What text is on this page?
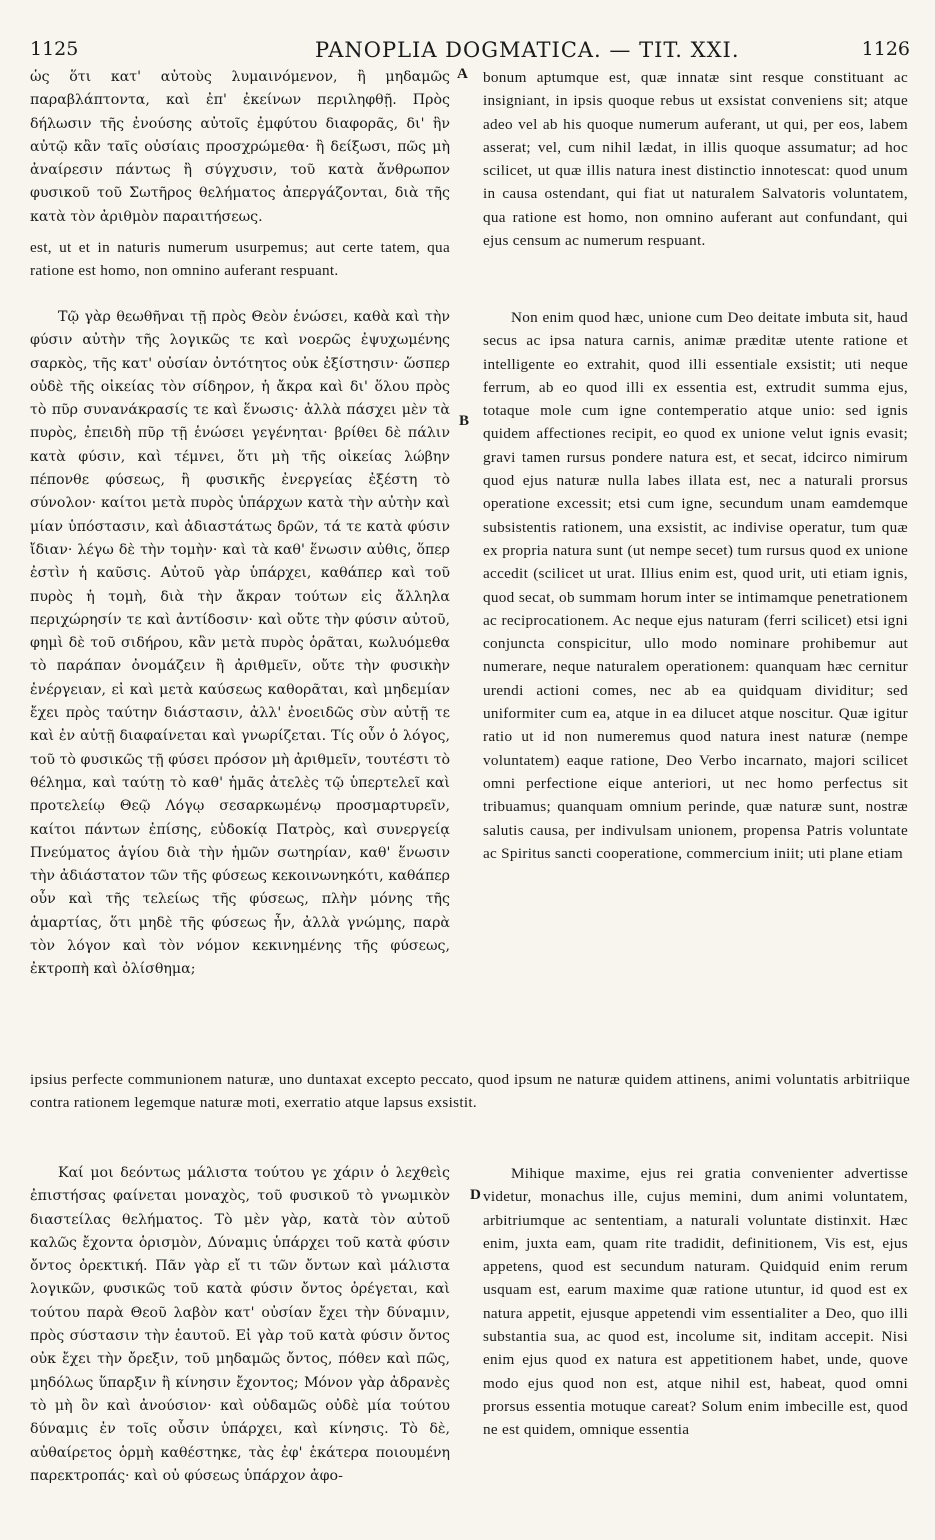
1125	PANOPLIA DOGMATICA. — TIT. XXI.	1126
A
B
D

ὡς ὅτι κατ' αὐτοὺς λυμαινόμενον, ἢ μηδαμῶς παραβλάπτοντα, καὶ ἐπ' ἐκείνων περιληφθῇ. Πρὸς δήλωσιν τῆς ἐνούσης αὐτοῖς ἐμφύτου διαφορᾶς, δι' ἣν αὐτῷ κἂν ταῖς οὐσίαις προσχρώμεθα· ἢ δείξωσι, πῶς μὴ ἀναίρεσιν πάντως ἢ σύγχυσιν, τοῦ κατὰ ἄνθρωπον φυσικοῦ τοῦ Σωτῆρος θελήματος ἀπεργάζονται, διὰ τῆς κατὰ τὸν ἀριθμὸν παραιτήσεως.

bonum aptumque est, quæ innatæ sint resque constituant ac insigniant, in ipsis quoque rebus ut exsistat conveniens sit; atque adeo vel ab his quoque numerum auferant, ut qui, per eos, labem asserat; vel, cum nihil lædat, in illis quoque assumatur; ad hoc scilicet, ut quæ illis natura inest distinctio innotescat: quod unum in causa ostendant, qui fiat ut naturalem Salvatoris voluntatem, qua ratione est homo, non omnino auferant aut confundant, qui ejus censum ac numerum respuant.

est, ut et in naturis numerum usurpemus; aut certe tatem, qua ratione est homo, non omnino auferant respuant.

Τῷ γὰρ θεωθῆναι τῇ πρὸς Θεὸν ἑνώσει, καθὰ καὶ τὴν φύσιν αὐτὴν τῆς λογικῶς τε καὶ νοερῶς ἐψυχωμένης σαρκὸς, τῆς κατ' οὐσίαν ὀντότητος οὐκ ἐξίστησιν· ὥσπερ οὐδὲ τῆς οἰκείας τὸν σίδηρον, ἡ ἄκρα καὶ δι' ὅλου πρὸς τὸ πῦρ συνανάκρασίς τε καὶ ἕνωσις· ἀλλὰ πάσχει μὲν τὰ πυρὸς, ἐπειδὴ πῦρ τῇ ἑνώσει γεγένηται· βρίθει δὲ πάλιν κατὰ φύσιν, καὶ τέμνει, ὅτι μὴ τῆς οἰκείας λώβην πέπονθε φύσεως, ἢ φυσικῆς ἐνεργείας ἐξέστη τὸ σύνολον· καίτοι μετὰ πυρὸς ὑπάρχων κατὰ τὴν αὐτὴν καὶ μίαν ὑπόστασιν, καὶ ἀδιαστάτως δρῶν, τά τε κατὰ φύσιν ἴδιαν· λέγω δὲ τὴν τομὴν· καὶ τὰ καθ' ἕνωσιν αὐθις, ὅπερ ἐστὶν ἡ καῦσις. Αὐτοῦ γὰρ ὑπάρχει, καθάπερ καὶ τοῦ πυρὸς ἡ τομὴ, διὰ τὴν ἄκραν τούτων εἰς ἄλληλα περιχώρησίν τε καὶ ἀντίδοσιν· καὶ οὔτε τὴν φύσιν αὐτοῦ, φημὶ δὲ τοῦ σιδήρου, κἂν μετὰ πυρὸς ὁρᾶται, κωλυόμεθα τὸ παράπαν ὀνομάζειν ἢ ἀριθμεῖν, οὔτε τὴν φυσικὴν ἐνέργειαν, εἰ καὶ μετὰ καύσεως καθορᾶται, καὶ μηδεμίαν ἔχει πρὸς ταύτην διάστασιν, ἀλλ' ἐνοειδῶς σὺν αὐτῇ τε καὶ ἐν αὐτῇ διαφαίνεται καὶ γνωρίζεται. Τίς οὖν ὁ λόγος, τοῦ τὸ φυσικῶς τῇ φύσει πρόσον μὴ ἀριθμεῖν, τουτέστι τὸ θέλημα, καὶ ταύτῃ τὸ καθ' ἡμᾶς ἀτελὲς τῷ ὑπερτελεῖ καὶ προτελείῳ Θεῷ Λόγῳ σεσαρκωμένῳ προσμαρτυρεῖν, καίτοι πάντων ἐπίσης, εὐδοκίᾳ Πατρὸς, καὶ συνεργείᾳ Πνεύματος ἁγίου διὰ τὴν ἡμῶν σωτηρίαν, καθ' ἕνωσιν τὴν ἀδιάστατον τῶν τῆς φύσεως κεκοινωνηκότι, καθάπερ οὖν καὶ τῆς τελείως τῆς φύσεως, πλὴν μόνης τῆς ἁμαρτίας, ὅτι μηδὲ τῆς φύσεως ἦν, ἀλλὰ γνώμης, παρὰ τὸν λόγον καὶ τὸν νόμον κεκινημένης τῆς φύσεως, ἐκτροπὴ καὶ ὀλίσθημα;

Non enim quod hæc, unione cum Deo deitate imbuta sit, haud secus ac ipsa natura carnis, animæ præditæ utente ratione et intelligente eo extrahit, quod illi essentiale exsistit; uti neque ferrum, ab eo quod illi ex essentia est, extrudit summa ejus, totaque mole cum igne contemperatio atque unio: sed ignis quidem affectiones recipit, eo quod ex unione velut ignis evasit; gravi tamen rursus pondere natura est, et secat, idcirco nimirum quod ejus naturæ nulla labes illata est, nec a naturali prorsus operatione excessit; etsi cum igne, secundum unam eamdemque subsistentis rationem, una exsistit, ac indivise operatur, tum quæ ex propria natura sunt (ut nempe secet) tum rursus quod ex unione accedit (scilicet ut urat. Illius enim est, quod urit, uti etiam ignis, quod secat, ob summam horum inter se intimamque penetrationem ac reciprocationem. Ac neque ejus naturam (ferri scilicet) etsi igni conjuncta conspicitur, ullo modo nominare prohibemur aut numerare, neque naturalem operationem: quanquam hæc cernitur urendi actioni comes, nec ab ea quidquam dividitur; sed uniformiter cum ea, atque in ea dilucet atque noscitur. Quæ igitur ratio ut id non numeremus quod natura inest naturæ (nempe voluntatem) eaque ratione, Deo Verbo incarnato, majori scilicet omni perfectione eique anteriori, ut nec homo perfectus sit tribuamus; quanquam omnium perinde, quæ naturæ sunt, nostræ salutis causa, per indivulsam unionem, propensa Patris voluntate ac Spiritus sancti cooperatione, commercium iniit; uti plane etiam

ipsius perfecte communionem naturæ, uno duntaxat excepto peccato, quod ipsum ne naturæ quidem attinens, animi voluntatis arbitriique contra rationem legemque naturæ moti, exerratio atque lapsus exsistit.

Καί μοι δεόντως μάλιστα τούτου γε χάριν ὁ λεχθεὶς ἐπιστήσας φαίνεται μοναχὸς, τοῦ φυσικοῦ τὸ γνωμικὸν διαστείλας θελήματος. Τὸ μὲν γὰρ, κατὰ τὸν αὐτοῦ καλῶς ἔχοντα ὁρισμὸν, Δύναμις ὑπάρχει τοῦ κατὰ φύσιν ὄντος ὀρεκτική. Πᾶν γὰρ εἴ τι τῶν ὄντων καὶ μάλιστα λογικῶν, φυσικῶς τοῦ κατὰ φύσιν ὄντος ὀρέγεται, καὶ τούτου παρὰ Θεοῦ λαβὸν κατ' οὐσίαν ἔχει τὴν δύναμιν, πρὸς σύστασιν τὴν ἑαυτοῦ. Εἰ γὰρ τοῦ κατὰ φύσιν ὄντος οὐκ ἔχει τὴν ὄρεξιν, τοῦ μηδαμῶς ὄντος, πόθεν καὶ πῶς, μηδόλως ὕπαρξιν ἢ κίνησιν ἔχοντος; Μόνον γὰρ ἀδρανὲς τὸ μὴ ὂν καὶ ἀνούσιον· καὶ οὐδαμῶς οὐδὲ μία τούτου δύναμις ἐν τοῖς οὖσιν ὑπάρχει, καὶ κίνησις. Τὸ δὲ, αὐθαίρετος ὁρμὴ καθέστηκε, τὰς ἐφ' ἑκάτερα ποιουμένη παρεκτροπάς· καὶ οὐ φύσεως ὑπάρχον ἀφο-

Mihique maxime, ejus rei gratia convenienter advertisse videtur, monachus ille, cujus memini, dum animi voluntatem, arbitriumque ac sententiam, a naturali voluntate distinxit. Hæc enim, juxta eam, quam rite tradidit, definitionem, Vis est, ejus appetens, quod est secundum naturam. Quidquid enim rerum usquam est, earum maxime quæ ratione utuntur, id quod est ex natura appetit, ejusque appetendi vim essentialiter a Deo, quo illi substantia sua, ac quod est, incolume sit, inditam accepit. Nisi enim ejus quod ex natura est appetitionem habet, unde, quove modo ejus quod non est, atque nihil est, habeat, quod omni prorsus essentia motuque careat? Solum enim imbecille est, quod ne est quidem, omnique essentia
